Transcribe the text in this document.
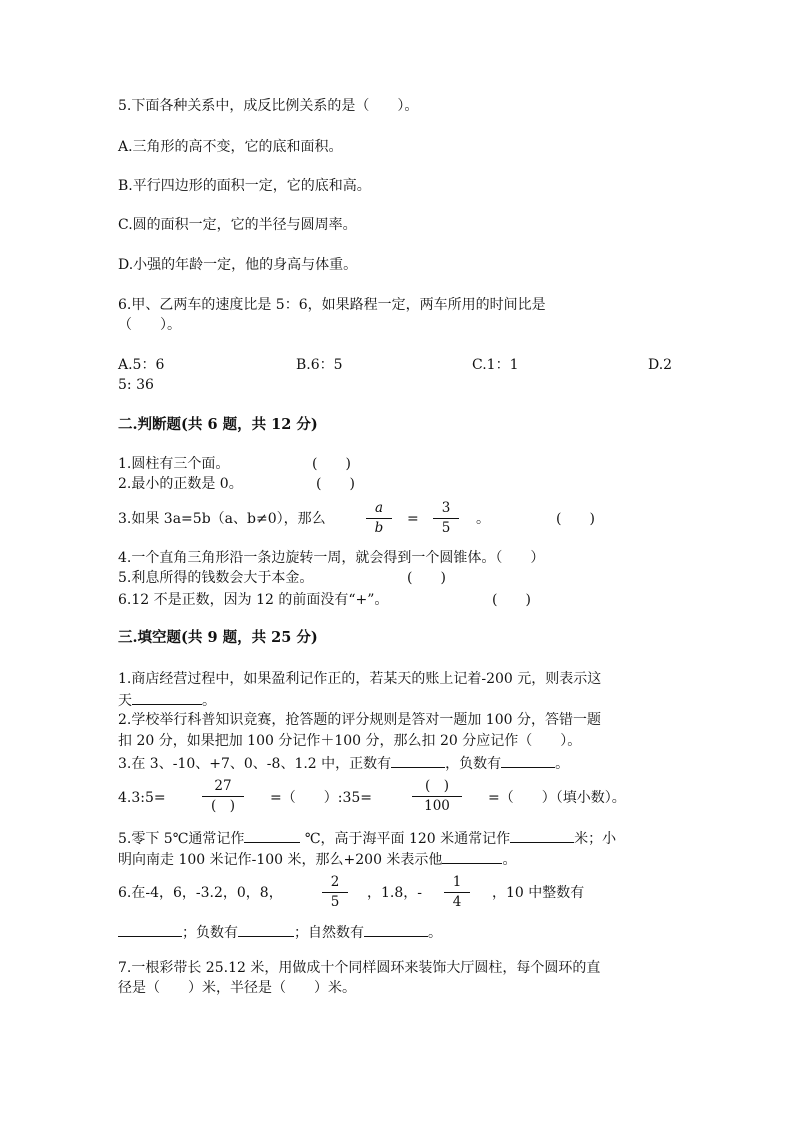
5.下面各种关系中，成反比例关系的是（　　）。
A.三角形的高不变，它的底和面积。
B.平行四边形的面积一定，它的底和高。
C.圆的面积一定，它的半径与圆周率。
D.小强的年龄一定，他的身高与体重。
6.甲、乙两车的速度比是 5：6，如果路程一定，两车所用的时间比是
（　　）。
A.5：6	B.6：5	C.1：1	D.2
5: 36
二.判断题(共 6 题，共 12 分)
1.圆柱有三个面。	(　　)
2.最小的正数是 0。	(　　)
3.如果 3a=5b（a、b≠0），那么
a
b
=
3
5
。	(　　)
4.一个直角三角形沿一条边旋转一周，就会得到一个圆锥体。（　　）
5.利息所得的钱数会大于本金。	(　　)
6.12 不是正数，因为 12 的前面没有“+”。	(　　)
三.填空题(共 9 题，共 25 分)
1.商店经营过程中，如果盈利记作正的，若某天的账上记着-200 元，则表示这
天	。
2.学校举行科普知识竞赛，抢答题的评分规则是答对一题加 100 分，答错一题
扣 20 分，如果把加 100 分记作＋100 分，那么扣 20 分应记作（　　）。
3.在 3、-10、+7、0、-8、1.2 中，正数有	，负数有	。
4.3:5=
27
(　)	=（　　）:35=
(　)
100	=（　　）（填小数）。
5.零下 5℃通常记作	℃，高于海平面 120 米通常记作	米；小
明向南走 100 米记作-100 米，那么+200 米表示他	。
6.在-4，6，-3.2，0，8，
2
5
，1.8，-
1
4
，10 中整数有
；负数有	；自然数有	。
7.一根彩带长 25.12 米，用做成十个同样圆环来装饰大厅圆柱，每个圆环的直
径是（　　）米，半径是（　　）米。
